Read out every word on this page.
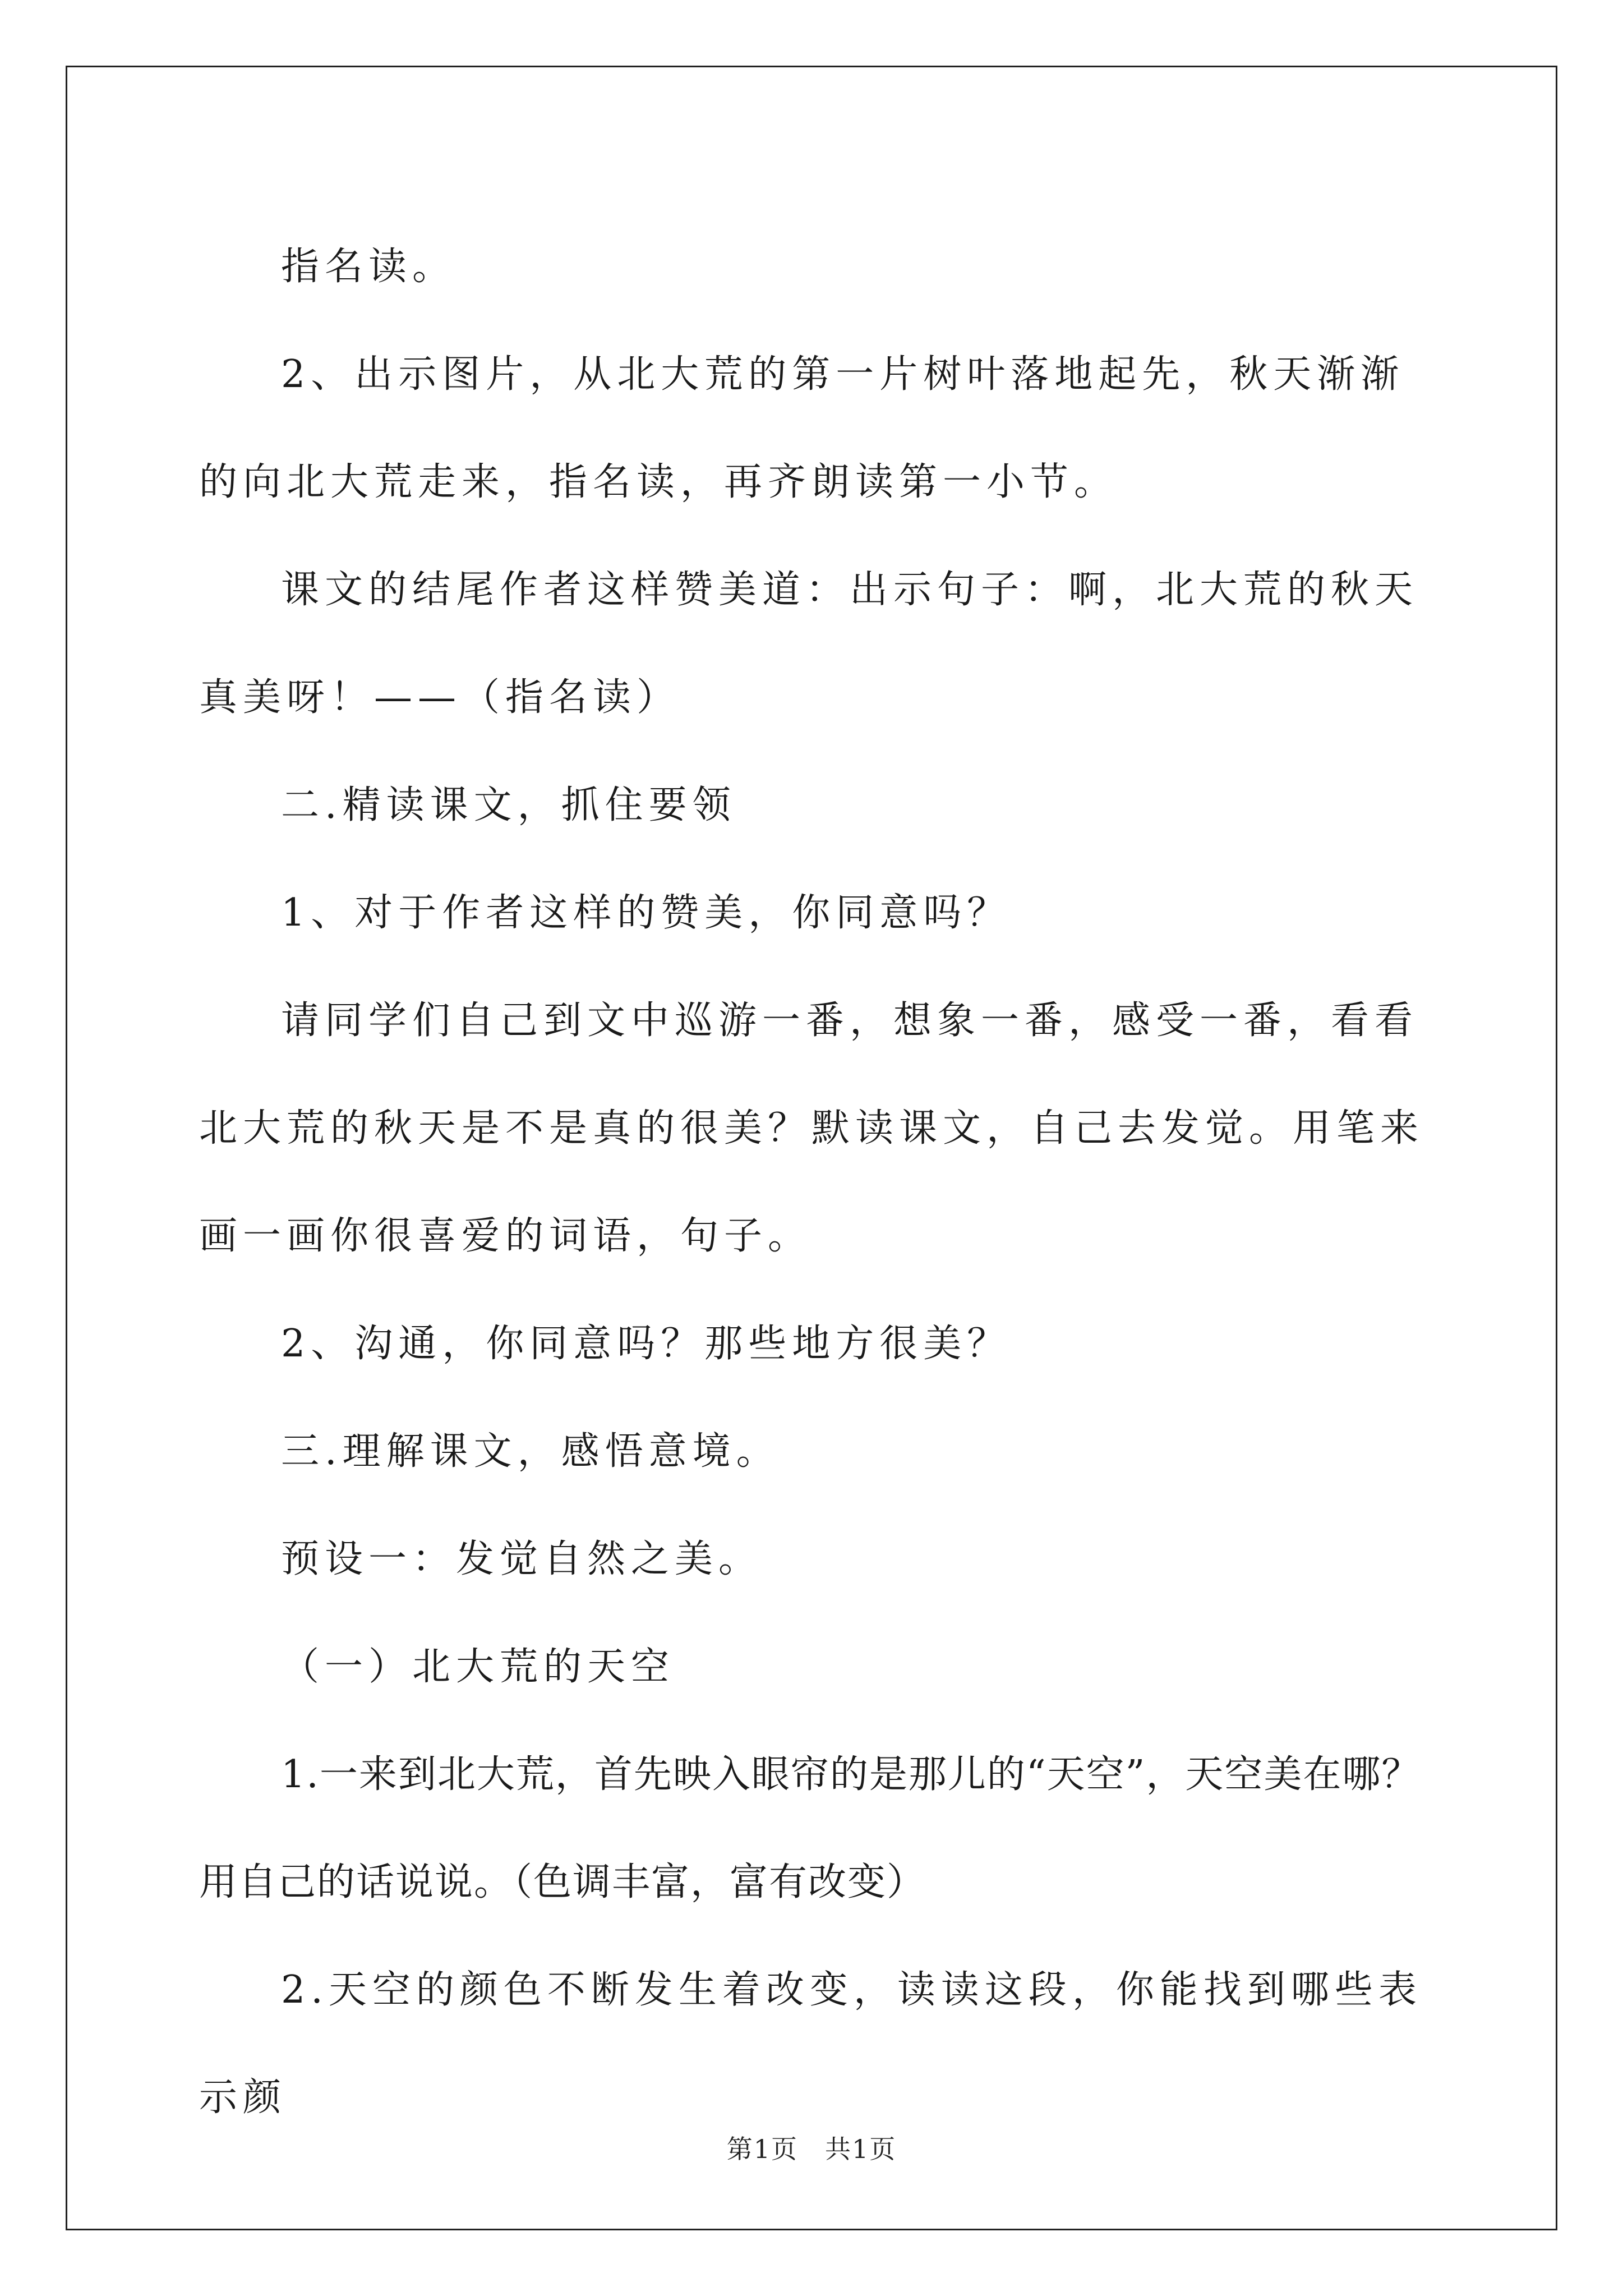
指名读。

2、出示图片，从北大荒的第一片树叶落地起先，秋天渐渐的向北大荒走来，指名读，再齐朗读第一小节。

课文的结尾作者这样赞美道：出示句子：啊，北大荒的秋天真美呀！——（指名读）

二.精读课文，抓住要领

1、对于作者这样的赞美，你同意吗？

请同学们自己到文中巡游一番，想象一番，感受一番，看看北大荒的秋天是不是真的很美？默读课文，自己去发觉。用笔来画一画你很喜爱的词语，句子。

2、沟通，你同意吗？那些地方很美？

三.理解课文，感悟意境。

预设一：发觉自然之美。

（一）北大荒的天空

1.一来到北大荒，首先映入眼帘的是那儿的“天空”，天空美在哪？用自己的话说说。（色调丰富，富有改变）

2.天空的颜色不断发生着改变，读读这段，你能找到哪些表示颜

第1页　共1页
